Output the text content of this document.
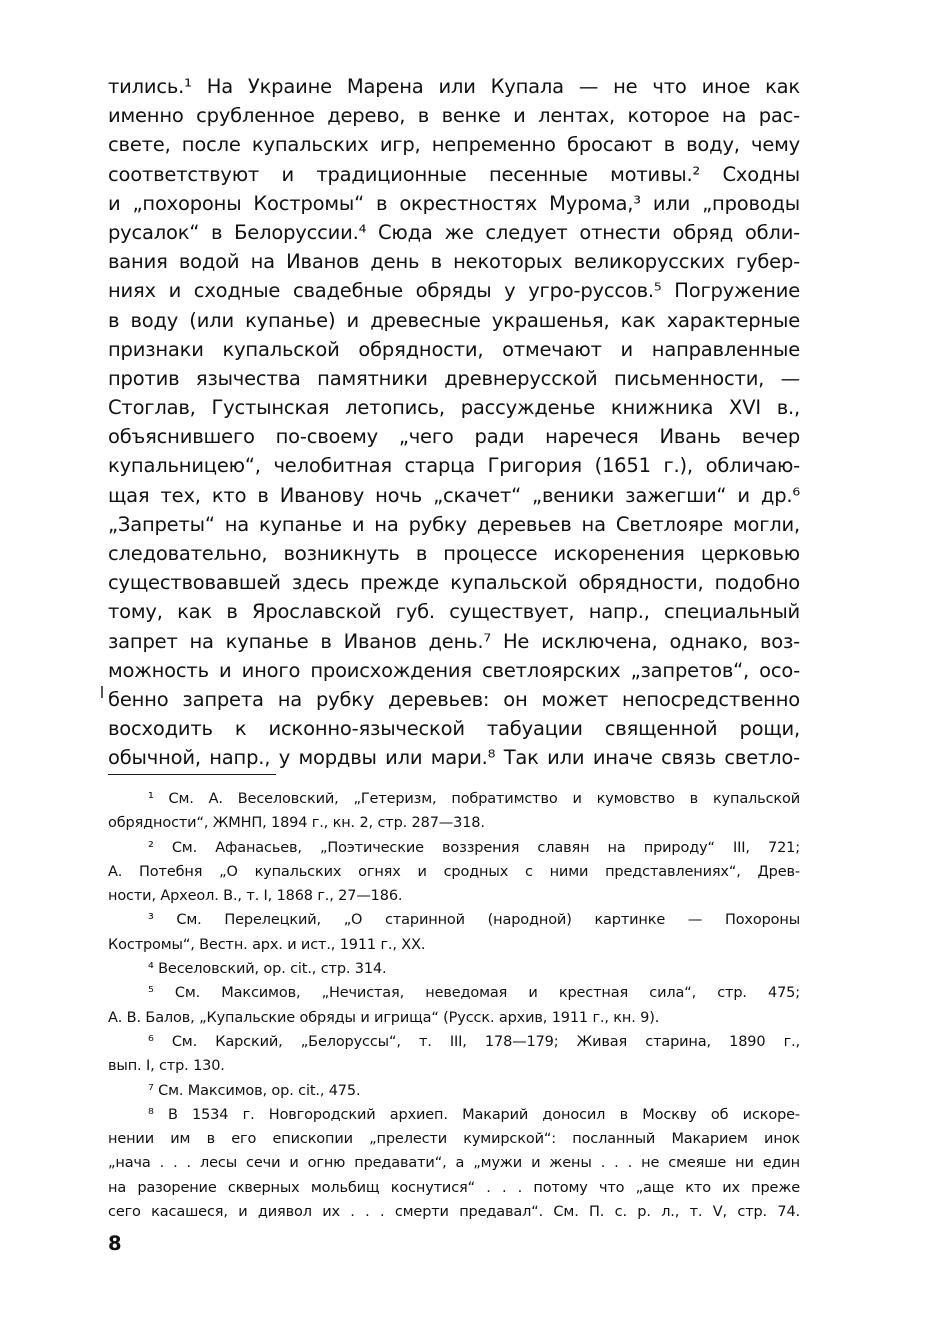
тились.¹ На Украине Марена или Купала — не что иное как
именно срубленное дерево, в венке и лентах, которое на рас-
свете, после купальских игр, непременно бросают в воду, чему
соответствуют и традиционные песенные мотивы.² Сходны
и „похороны Костромы“ в окрестностях Мурома,³ или „проводы
русалок“ в Белоруссии.⁴ Сюда же следует отнести обряд обли-
вания водой на Иванов день в некоторых великорусских губер-
ниях и сходные свадебные обряды у угро-руссов.⁵ Погружение
в воду (или купанье) и древесные украшенья, как характерные
признаки купальской обрядности, отмечают и направленные
против язычества памятники древнерусской письменности, —
Стоглав, Густынская летопись, рассужденье книжника XVI в.,
объяснившего по-своему „чего ради наречеся Ивань вечер
купальницею“, челобитная старца Григория (1651 г.), обличаю-
щая тех, кто в Иванову ночь „скачет“ „веники зажегши“ и др.⁶
„Запреты“ на купанье и на рубку деревьев на Светлояре могли,
следовательно, возникнуть в процессе искоренения церковью
существовавшей здесь прежде купальской обрядности, подобно
тому, как в Ярославской губ. существует, напр., специальный
запрет на купанье в Иванов день.⁷ Не исключена, однако, воз-
можность и иного происхождения светлоярских „запретов“, осо-
бенно запрета на рубку деревьев: он может непосредственно
восходить к исконно-языческой табуации священной рощи,
обычной, напр., у мордвы или мари.⁸ Так или иначе связь светло-
¹ См. А. Веселовский, „Гетеризм, побратимство и кумовство в купальской
обрядности“, ЖМНП, 1894 г., кн. 2, стр. 287—318.
² См. Афанасьев, „Поэтические воззрения славян на природу“ III, 721;
А. Потебня „О купальских огнях и сродных с ними представлениях“, Древ-
ности, Археол. В., т. I, 1868 г., 27—186.
³ См. Перелецкий, „О старинной (народной) картинке — Похороны
Костромы“, Вестн. арх. и ист., 1911 г., XX.
⁴ Веселовский, op. cit., стр. 314.
⁵ См. Максимов, „Нечистая, неведомая и крестная сила“, стр. 475;
А. В. Балов, „Купальские обряды и игрища“ (Русск. архив, 1911 г., кн. 9).
⁶ См. Карский, „Белоруссы“, т. III, 178—179; Живая старина, 1890 г.,
вып. I, стр. 130.
⁷ См. Максимов, op. cit., 475.
⁸ В 1534 г. Новгородский архиеп. Макарий доносил в Москву об искоре-
нении им в его епископии „прелести кумирской“: посланный Макарием инок
„нача . . . лесы сечи и огню предавати“, а „мужи и жены . . . не смеяше ни един
на разорение скверных мольбищ коснутися“ . . . потому что „аще кто их преже
сего касашеся, и диявол их . . . смерти предавал“. См. П. с. р. л., т. V, стр. 74.
8
